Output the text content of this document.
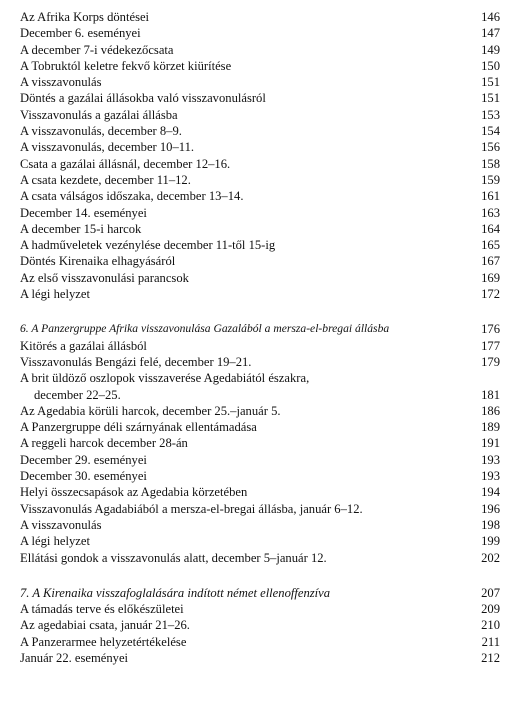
Az Afrika Korps döntései	146
December 6. eseményei	147
A december 7-i védekezőcsata	149
A Tobruktól keletre fekvő körzet kiürítése	150
A visszavonulás	151
Döntés a gazálai állásokba való visszavonulásról	151
Visszavonulás a gazálai állásba	153
A visszavonulás, december 8–9.	154
A visszavonulás, december 10–11.	156
Csata a gazálai állásnál, december 12–16.	158
A csata kezdete, december 11–12.	159
A csata válságos időszaka, december 13–14.	161
December 14. eseményei	163
A december 15-i harcok	164
A hadműveletek vezénylése december 11-től 15-ig	165
Döntés Kirenaika elhagyásáról	167
Az első visszavonulási parancsok	169
A légi helyzet	172
6. A Panzergruppe Afrika visszavonulása Gazalából a mersza-el-bregai állásba	176
Kitörés a gazálai állásból	177
Visszavonulás Bengázi felé, december 19–21.	179
A brit üldöző oszlopok visszaverése Agedabiától északra,
december 22–25.	181
Az Agedabia körüli harcok, december 25.–január 5.	186
A Panzergruppe déli szárnyának ellentámadása	189
A reggeli harcok december 28-án	191
December 29. eseményei	193
December 30. eseményei	193
Helyi összecsapások az Agedabia körzetében	194
Visszavonulás Agadabiából a mersza-el-bregai állásba, január 6–12.	196
A visszavonulás	198
A légi helyzet	199
Ellátási gondok a visszavonulás alatt, december 5–január 12.	202
7. A Kirenaika visszafoglalására indított német ellenoffenzíva	207
A támadás terve és előkészületei	209
Az agedabiai csata, január 21–26.	210
A Panzerarmee helyzetértékelése	211
Január 22. eseményei	212
